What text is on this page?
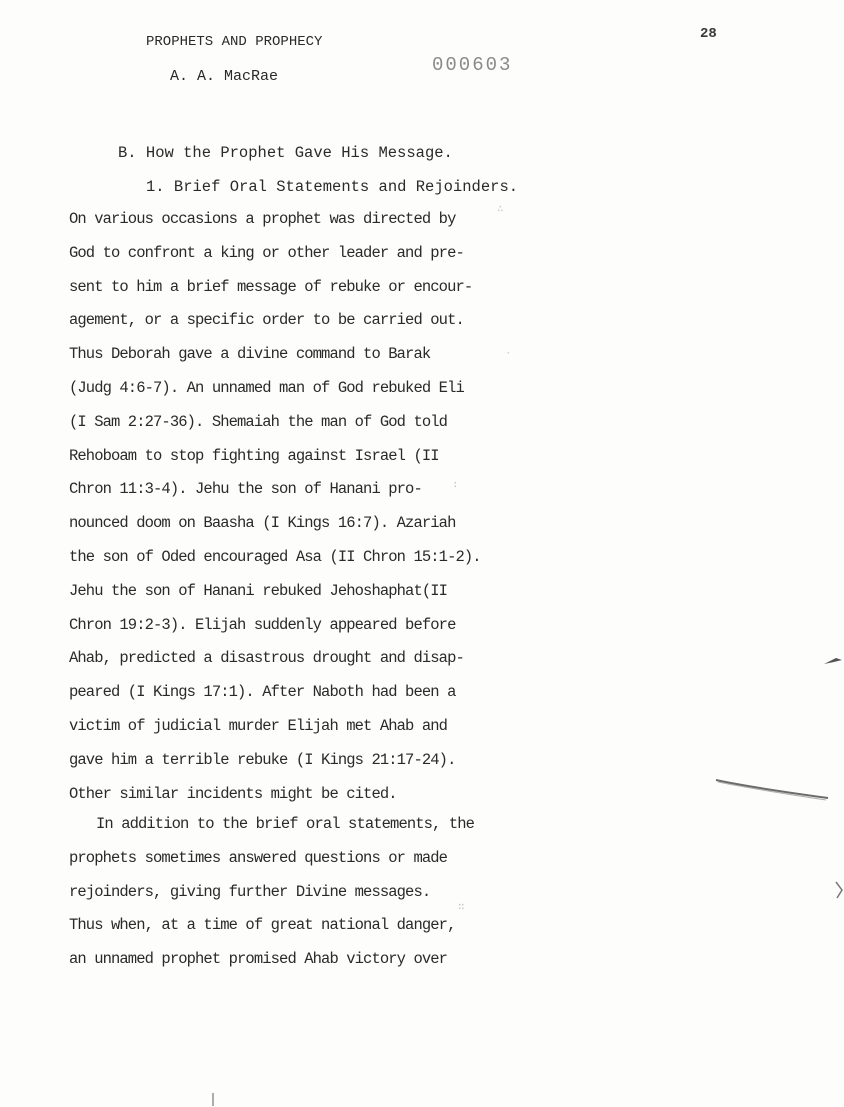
28
PROPHETS AND PROPHECY
000603
A. A. MacRae
B. How the Prophet Gave His Message.
1. Brief Oral Statements and Rejoinders.
On various occasions a prophet was directed by
God to confront a king or other leader and pre-
sent to him a brief message of rebuke or encour-
agement, or a specific order to be carried out.
Thus Deborah gave a divine command to Barak
(Judg 4:6-7). An unnamed man of God rebuked Eli
(I Sam 2:27-36). Shemaiah the man of God told
Rehoboam to stop fighting against Israel (II
Chron 11:3-4). Jehu the son of Hanani pro-
nounced doom on Baasha (I Kings 16:7). Azariah
the son of Oded encouraged Asa (II Chron 15:1-2).
Jehu the son of Hanani rebuked Jehoshaphat(II
Chron 19:2-3). Elijah suddenly appeared before
Ahab, predicted a disastrous drought and disap-
peared (I Kings 17:1). After Naboth had been a
victim of judicial murder Elijah met Ahab and
gave him a terrible rebuke (I Kings 21:17-24).
Other similar incidents might be cited.
In addition to the brief oral statements, the
prophets sometimes answered questions or made
rejoinders, giving further Divine messages.
Thus when, at a time of great national danger,
an unnamed prophet promised Ahab victory over
∴
·
∶
∷
